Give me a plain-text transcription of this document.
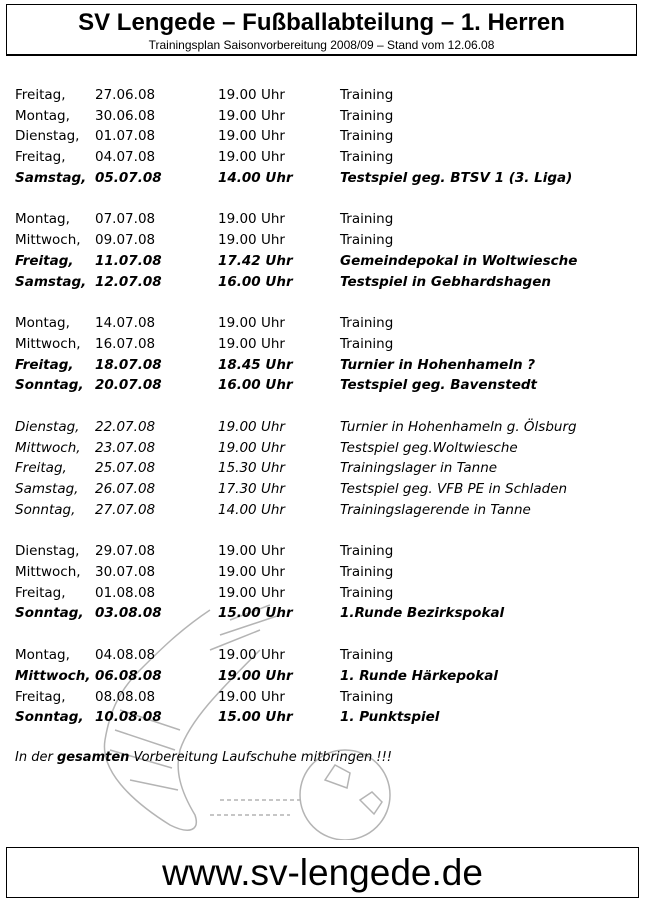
SV Lengede – Fußballabteilung – 1. Herren
Trainingsplan Saisonvorbereitung 2008/09 – Stand vom 12.06.08
Freitag, 27.06.08	19.00 Uhr	Training
Montag, 30.06.08	19.00 Uhr	Training
Dienstag, 01.07.08	19.00 Uhr	Training
Freitag, 04.07.08	19.00 Uhr	Training
Samstag, 05.07.08	14.00 Uhr	Testspiel geg. BTSV 1 (3. Liga)
Montag, 07.07.08	19.00 Uhr	Training
Mittwoch, 09.07.08	19.00 Uhr	Training
Freitag, 11.07.08	17.42 Uhr	Gemeindepokal in Woltwiesche
Samstag, 12.07.08	16.00 Uhr	Testspiel in Gebhardshagen
Montag, 14.07.08	19.00 Uhr	Training
Mittwoch, 16.07.08	19.00 Uhr	Training
Freitag, 18.07.08	18.45 Uhr	Turnier in Hohenhameln ?
Sonntag, 20.07.08	16.00 Uhr	Testspiel geg. Bavenstedt
Dienstag, 22.07.08	19.00 Uhr	Turnier in Hohenhameln g. Ölsburg
Mittwoch, 23.07.08	19.00 Uhr	Testspiel geg.Woltwiesche
Freitag, 25.07.08	15.30 Uhr	Trainingslager in Tanne
Samstag, 26.07.08	17.30 Uhr	Testspiel geg. VFB PE in Schladen
Sonntag, 27.07.08	14.00 Uhr	Trainingslagerende in Tanne
Dienstag, 29.07.08	19.00 Uhr	Training
Mittwoch, 30.07.08	19.00 Uhr	Training
Freitag, 01.08.08	19.00 Uhr	Training
Sonntag, 03.08.08	15.00 Uhr	1.Runde Bezirkspokal
Montag, 04.08.08	19.00 Uhr	Training
Mittwoch, 06.08.08	19.00 Uhr	1. Runde Härkepokal
Freitag, 08.08.08	19.00 Uhr	Training
Sonntag, 10.08.08	15.00 Uhr	1. Punktspiel
In der gesamten Vorbereitung Laufschuhe mitbringen !!!
www.sv-lengede.de
